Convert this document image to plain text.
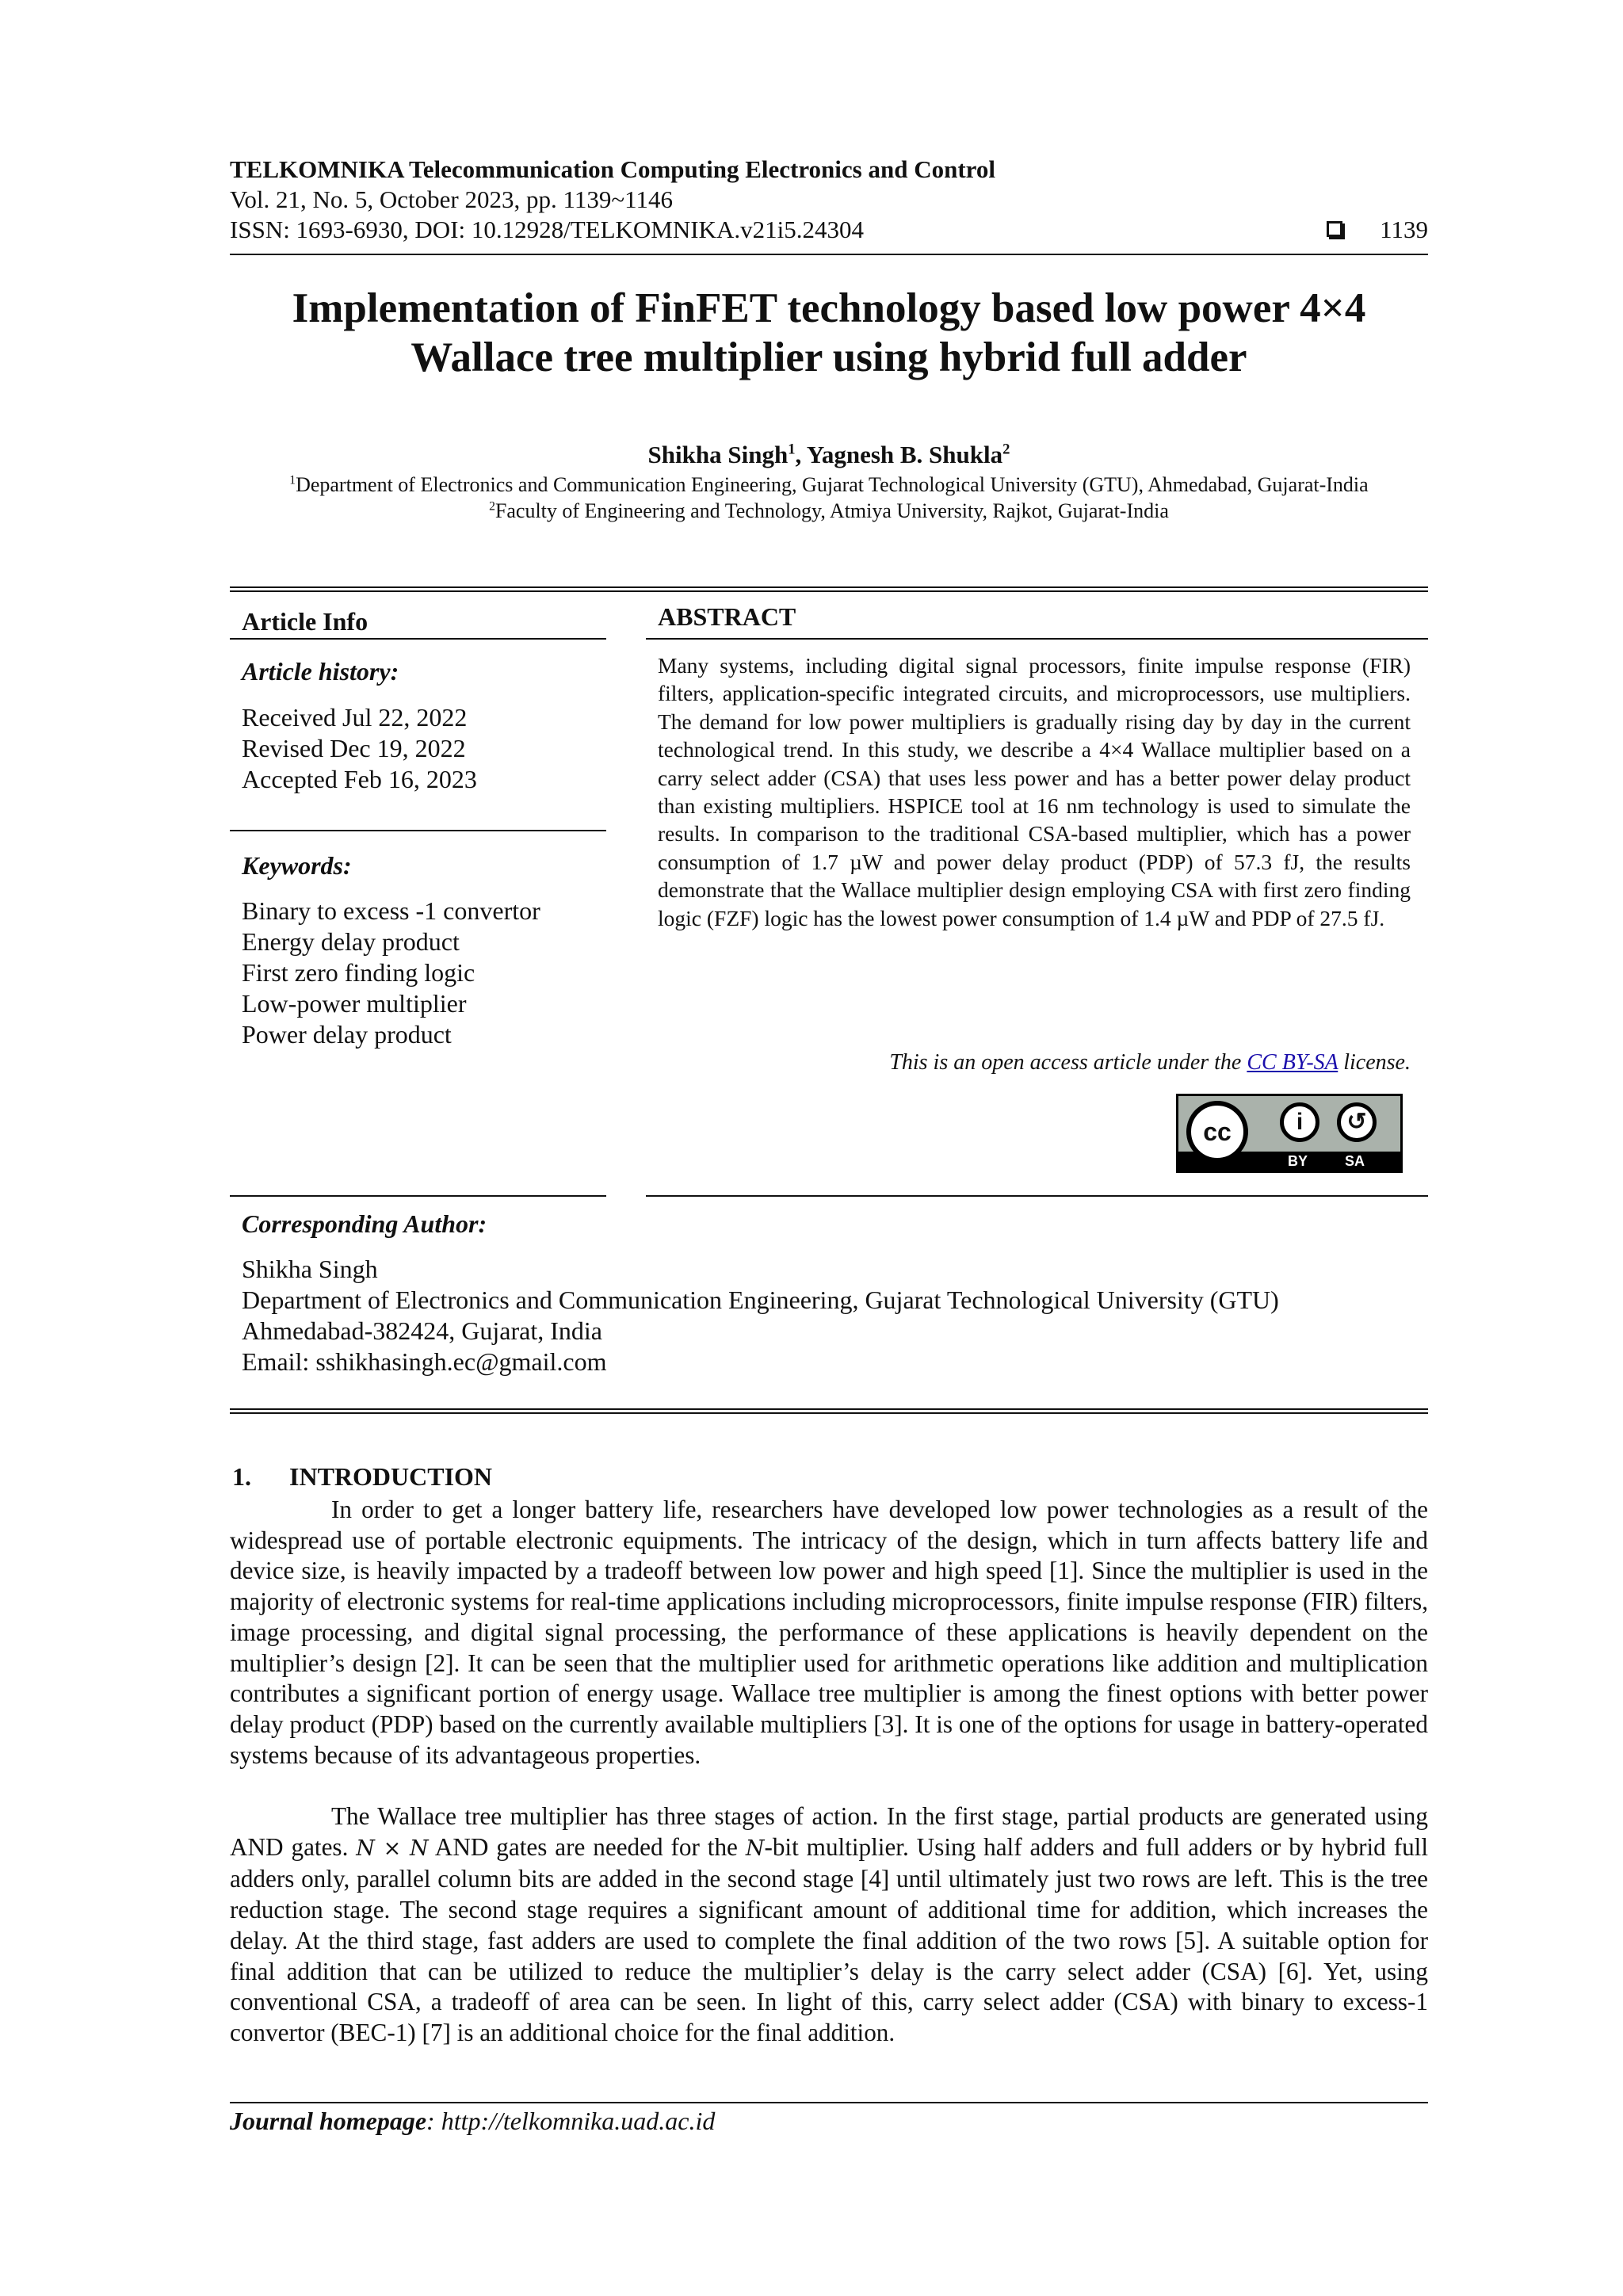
TELKOMNIKA Telecommunication Computing Electronics and Control
Vol. 21, No. 5, October 2023, pp. 1139~1146
ISSN: 1693-6930, DOI: 10.12928/TELKOMNIKA.v21i5.24304	1139
Implementation of FinFET technology based low power 4×4
Wallace tree multiplier using hybrid full adder
Shikha Singh$^1$, Yagnesh B. Shukla$^2$
$^1$Department of Electronics and Communication Engineering, Gujarat Technological University (GTU), Ahmedabad, Gujarat-India
$^2$Faculty of Engineering and Technology, Atmiya University, Rajkot, Gujarat-India
Article Info
Article history:
Received Jul 22, 2022
Revised Dec 19, 2022
Accepted Feb 16, 2023
Keywords:
Binary to excess -1 convertor
Energy delay product
First zero finding logic
Low-power multiplier
Power delay product
ABSTRACT
Many systems, including digital signal processors, finite impulse response (FIR) filters, application-specific integrated circuits, and microprocessors, use multipliers. The demand for low power multipliers is gradually rising day by day in the current technological trend. In this study, we describe a 4×4 Wallace multiplier based on a carry select adder (CSA) that uses less power and has a better power delay product than existing multipliers. HSPICE tool at 16 nm technology is used to simulate the results. In comparison to the traditional CSA-based multiplier, which has a power consumption of 1.7 µW and power delay product (PDP) of 57.3 fJ, the results demonstrate that the Wallace multiplier design employing CSA with first zero finding logic (FZF) logic has the lowest power consumption of 1.4 µW and PDP of 27.5 fJ.
This is an open access article under the CC BY-SA license.
cc	i	↺
BY	SA
Corresponding Author:
Shikha Singh
Department of Electronics and Communication Engineering, Gujarat Technological University (GTU)
Ahmedabad-382424, Gujarat, India
Email: sshikhasingh.ec@gmail.com
1. INTRODUCTION

In order to get a longer battery life, researchers have developed low power technologies as a result of the widespread use of portable electronic equipments. The intricacy of the design, which in turn affects battery life and device size, is heavily impacted by a tradeoff between low power and high speed [1]. Since the multiplier is used in the majority of electronic systems for real-time applications including microprocessors, finite impulse response (FIR) filters, image processing, and digital signal processing, the performance of these applications is heavily dependent on the multiplier’s design [2]. It can be seen that the multiplier used for arithmetic operations like addition and multiplication contributes a significant portion of energy usage. Wallace tree multiplier is among the finest options with better power delay product (PDP) based on the currently available multipliers [3]. It is one of the options for usage in battery-operated systems because of its advantageous properties.

The Wallace tree multiplier has three stages of action. In the first stage, partial products are generated using AND gates. N × N AND gates are needed for the N-bit multiplier. Using half adders and full adders or by hybrid full adders only, parallel column bits are added in the second stage [4] until ultimately just two rows are left. This is the tree reduction stage. The second stage requires a significant amount of additional time for addition, which increases the delay. At the third stage, fast adders are used to complete the final addition of the two rows [5]. A suitable option for final addition that can be utilized to reduce the multiplier’s delay is the carry select adder (CSA) [6]. Yet, using conventional CSA, a tradeoff of area can be seen. In light of this, carry select adder (CSA) with binary to excess-1 convertor (BEC-1) [7] is an additional choice for the final addition.

Journal homepage: http://telkomnika.uad.ac.id
